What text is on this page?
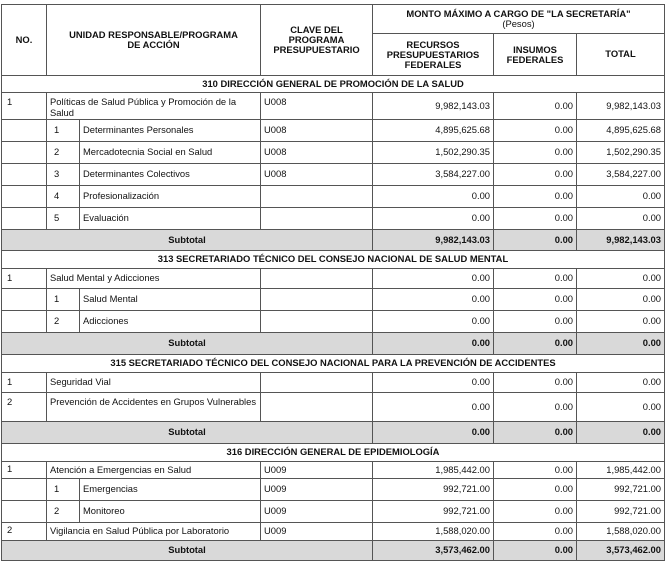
NO.	UNIDAD RESPONSABLE/PROGRAMA DE ACCIÓN		CLAVE DEL PROGRAMA PRESUPUESTARIO	MONTO MÁXIMO A CARGO DE "LA SECRETARÍA"
(Pesos)		

				RECURSOS PRESUPUESTARIOS FEDERALES	INSUMOS FEDERALES	TOTAL
310 DIRECCIÓN GENERAL DE PROMOCIÓN DE LA SALUD						
1	Políticas de Salud Pública y Promoción de la Salud		U008	9,982,143.03	0.00	9,982,143.03
	1	Determinantes Personales	U008	4,895,625.68	0.00	4,895,625.68
	2	Mercadotecnia Social en Salud	U008	1,502,290.35	0.00	1,502,290.35
	3	Determinantes Colectivos	U008	3,584,227.00	0.00	3,584,227.00
	4	Profesionalización		0.00	0.00	0.00
	5	Evaluación		0.00	0.00	0.00
Subtotal				9,982,143.03	0.00	9,982,143.03
313 SECRETARIADO TÉCNICO DEL CONSEJO NACIONAL DE SALUD MENTAL						
1	Salud Mental y Adicciones			0.00	0.00	0.00
	1	Salud Mental		0.00	0.00	0.00
	2	Adicciones		0.00	0.00	0.00
Subtotal				0.00	0.00	0.00
315 SECRETARIADO TÉCNICO DEL CONSEJO NACIONAL PARA LA PREVENCIÓN DE ACCIDENTES						
1	Seguridad Vial			0.00	0.00	0.00
2	Prevención de Accidentes en Grupos Vulnerables			0.00	0.00	0.00
Subtotal				0.00	0.00	0.00
316 DIRECCIÓN GENERAL DE EPIDEMIOLOGÍA						
1	Atención a Emergencias en Salud		U009	1,985,442.00	0.00	1,985,442.00
	1	Emergencias	U009	992,721.00	0.00	992,721.00
	2	Monitoreo	U009	992,721.00	0.00	992,721.00
2	Vigilancia en Salud Pública por Laboratorio		U009	1,588,020.00	0.00	1,588,020.00
Subtotal				3,573,462.00	0.00	3,573,462.00
